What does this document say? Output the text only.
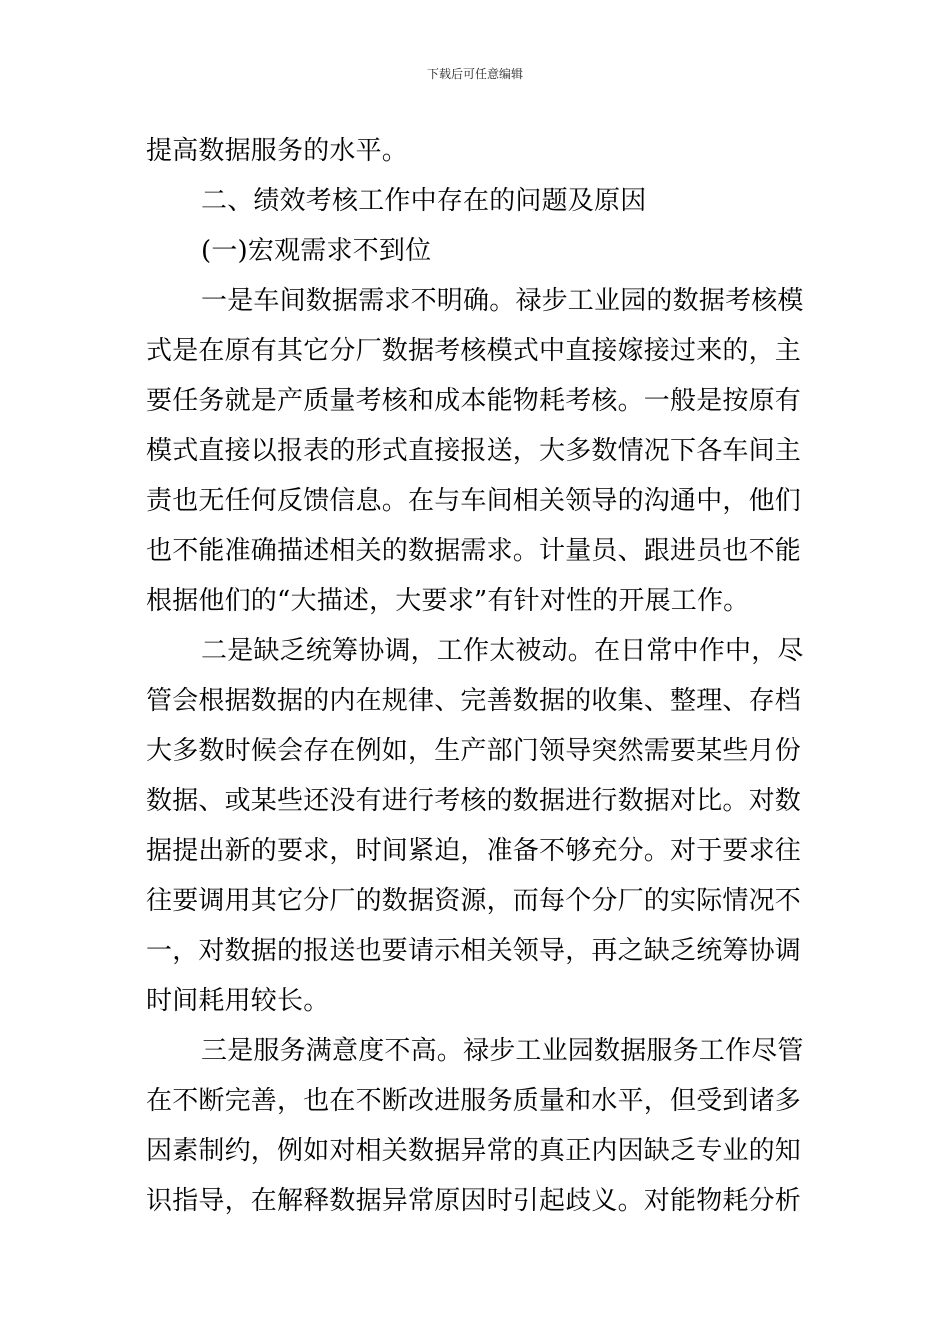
下载后可任意编辑
提高数据服务的水平。
二、绩效考核工作中存在的问题及原因
(一)宏观需求不到位
一是车间数据需求不明确。禄步工业园的数据考核模
式是在原有其它分厂数据考核模式中直接嫁接过来的，主
要任务就是产质量考核和成本能物耗考核。一般是按原有
模式直接以报表的形式直接报送，大多数情况下各车间主
责也无任何反馈信息。在与车间相关领导的沟通中，他们
也不能准确描述相关的数据需求。计量员、跟进员也不能
根据他们的“大描述，大要求”有针对性的开展工作。
二是缺乏统筹协调，工作太被动。在日常中作中，尽
管会根据数据的内在规律、完善数据的收集、整理、存档
大多数时候会存在例如，生产部门领导突然需要某些月份
数据、或某些还没有进行考核的数据进行数据对比。对数
据提出新的要求，时间紧迫，准备不够充分。对于要求往
往要调用其它分厂的数据资源，而每个分厂的实际情况不
一，对数据的报送也要请示相关领导，再之缺乏统筹协调
时间耗用较长。
三是服务满意度不高。禄步工业园数据服务工作尽管
在不断完善，也在不断改进服务质量和水平，但受到诸多
因素制约，例如对相关数据异常的真正内因缺乏专业的知
识指导，在解释数据异常原因时引起歧义。对能物耗分析
